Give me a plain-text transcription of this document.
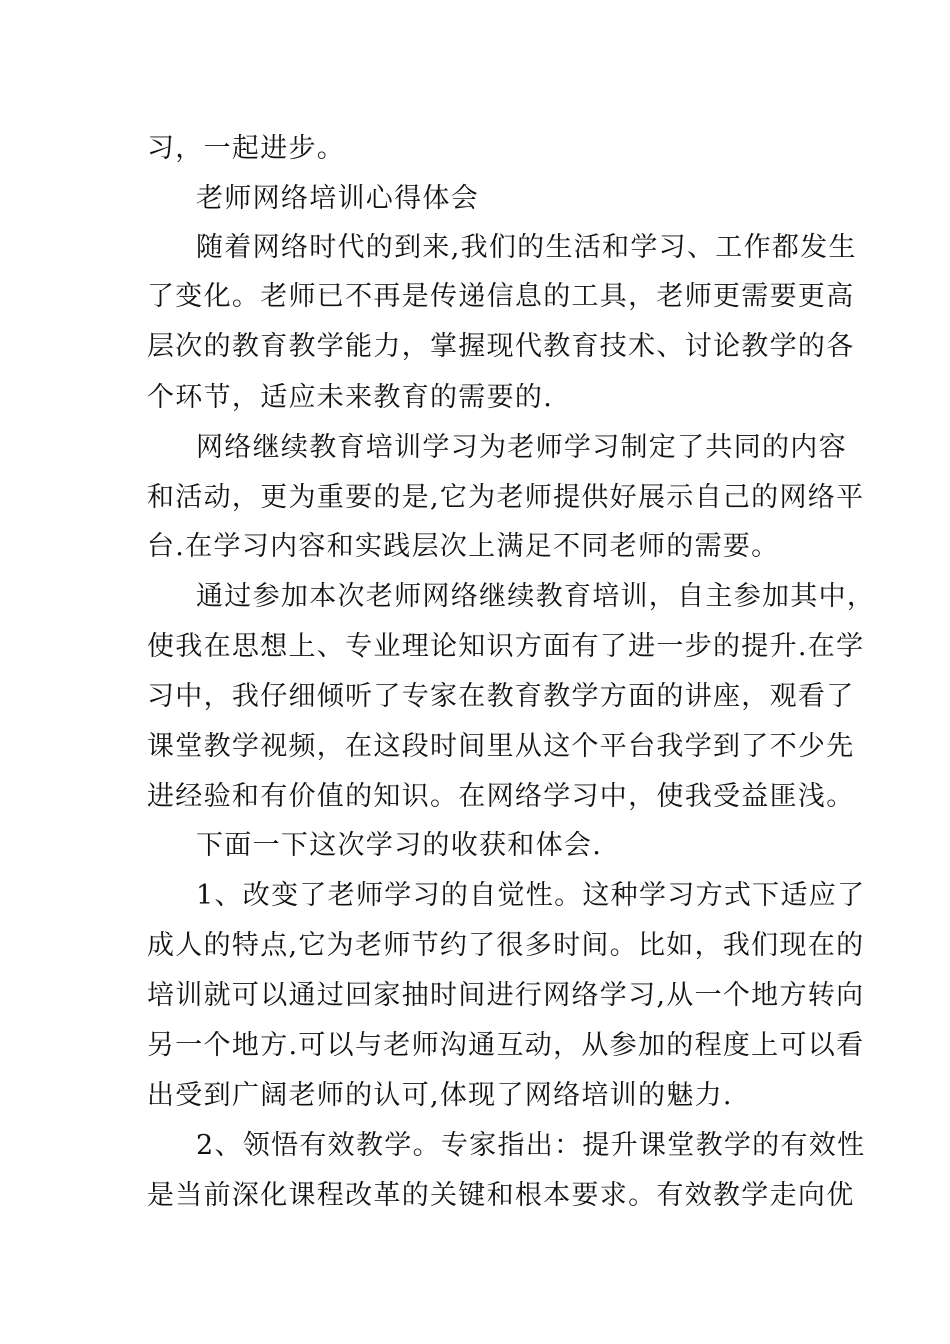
习，一起进步。
老师网络培训心得体会
随着网络时代的到来,我们的生活和学习、工作都发生
了变化。老师已不再是传递信息的工具，老师更需要更高
层次的教育教学能力，掌握现代教育技术、讨论教学的各
个环节，适应未来教育的需要的.
网络继续教育培训学习为老师学习制定了共同的内容
和活动，更为重要的是,它为老师提供好展示自己的网络平
台.在学习内容和实践层次上满足不同老师的需要。
通过参加本次老师网络继续教育培训，自主参加其中，
使我在思想上、专业理论知识方面有了进一步的提升.在学
习中，我仔细倾听了专家在教育教学方面的讲座，观看了
课堂教学视频，在这段时间里从这个平台我学到了不少先
进经验和有价值的知识。在网络学习中，使我受益匪浅。
下面一下这次学习的收获和体会.
1、改变了老师学习的自觉性。这种学习方式下适应了
成人的特点,它为老师节约了很多时间。比如，我们现在的
培训就可以通过回家抽时间进行网络学习,从一个地方转向
另一个地方.可以与老师沟通互动，从参加的程度上可以看
出受到广阔老师的认可,体现了网络培训的魅力.
2、领悟有效教学。专家指出：提升课堂教学的有效性
是当前深化课程改革的关键和根本要求。有效教学走向优
